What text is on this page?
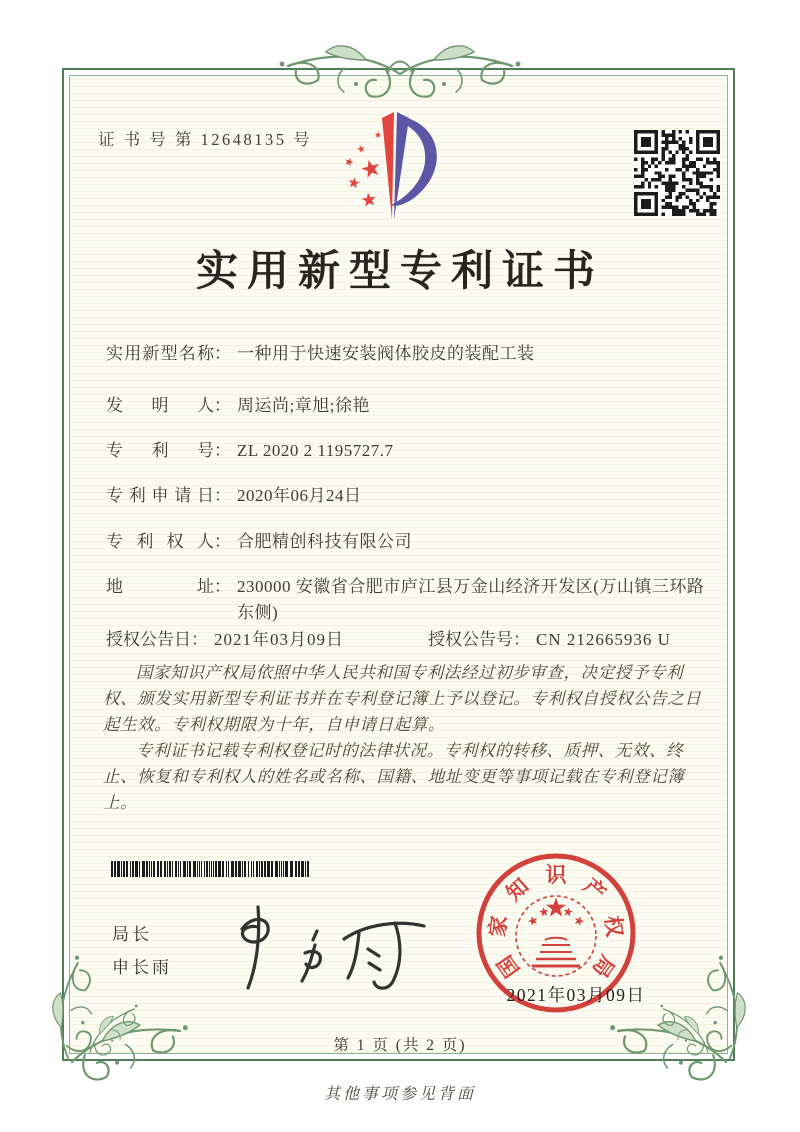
证 书 号 第 12648135 号
实用新型专利证书
实用新型名称 ： 一种用于快速安装阀体胶皮的装配工装
发明人 ： 周运尚;章旭;徐艳
专利号 ： ZL 2020 2 1195727.7
专利申请日 ： 2020年06月24日
专利权人 ： 合肥精创科技有限公司
地址 ： 230000 安徽省合肥市庐江县万金山经济开发区(万山镇三环路东侧)
授权公告日 ： 2021年03月09日	授权公告号 ： CN 212665936 U

国家知识产权局依照中华人民共和国专利法经过初步审查，决定授予专利权、颁发实用新型专利证书并在专利登记簿上予以登记。专利权自授权公告之日起生效。专利权期限为十年，自申请日起算。

专利证书记载专利权登记时的法律状况。专利权的转移、质押、无效、终止、恢复和专利权人的姓名或名称、国籍、地址变更等事项记载在专利登记簿上。

局长
申长雨	国
家
知 识 产
权
局
2021年03月09日
第 1 页 (共 2 页)
其他事项参见背面
